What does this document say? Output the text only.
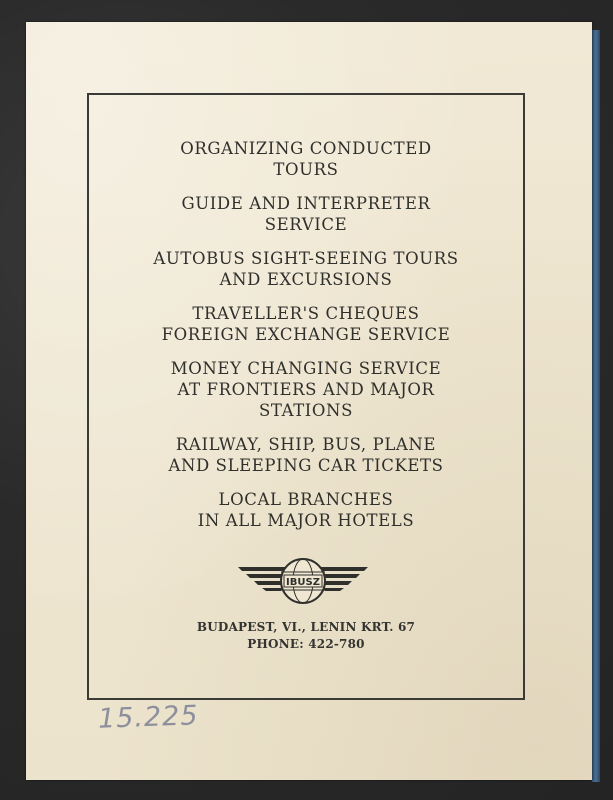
ORGANIZING CONDUCTED
TOURS
GUIDE AND INTERPRETER
SERVICE
AUTOBUS SIGHT-SEEING TOURS
AND EXCURSIONS
TRAVELLER'S CHEQUES
FOREIGN EXCHANGE SERVICE
MONEY CHANGING SERVICE
AT FRONTIERS AND MAJOR
STATIONS
RAILWAY, SHIP, BUS, PLANE
AND SLEEPING CAR TICKETS
LOCAL BRANCHES
IN ALL MAJOR HOTELS
IBUSZ
BUDAPEST, VI., LENIN KRT. 67
PHONE: 422-780
15.225
